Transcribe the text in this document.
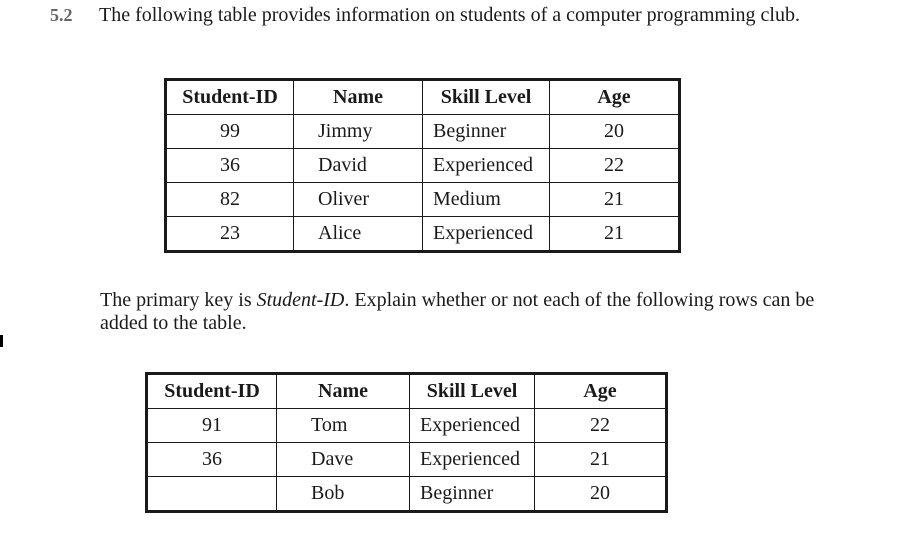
5.2	The following table provides information on students of a computer programming club.
Student-ID	Name	Skill Level	Age
99	Jimmy	Beginner	20
36	David	Experienced	22
82	Oliver	Medium	21
23	Alice	Experienced	21
The primary key is Student-ID. Explain whether or not each of the following rows can be added to the table.
Student-ID	Name	Skill Level	Age
91	Tom	Experienced	22
36	Dave	Experienced	21
	Bob	Beginner	20
